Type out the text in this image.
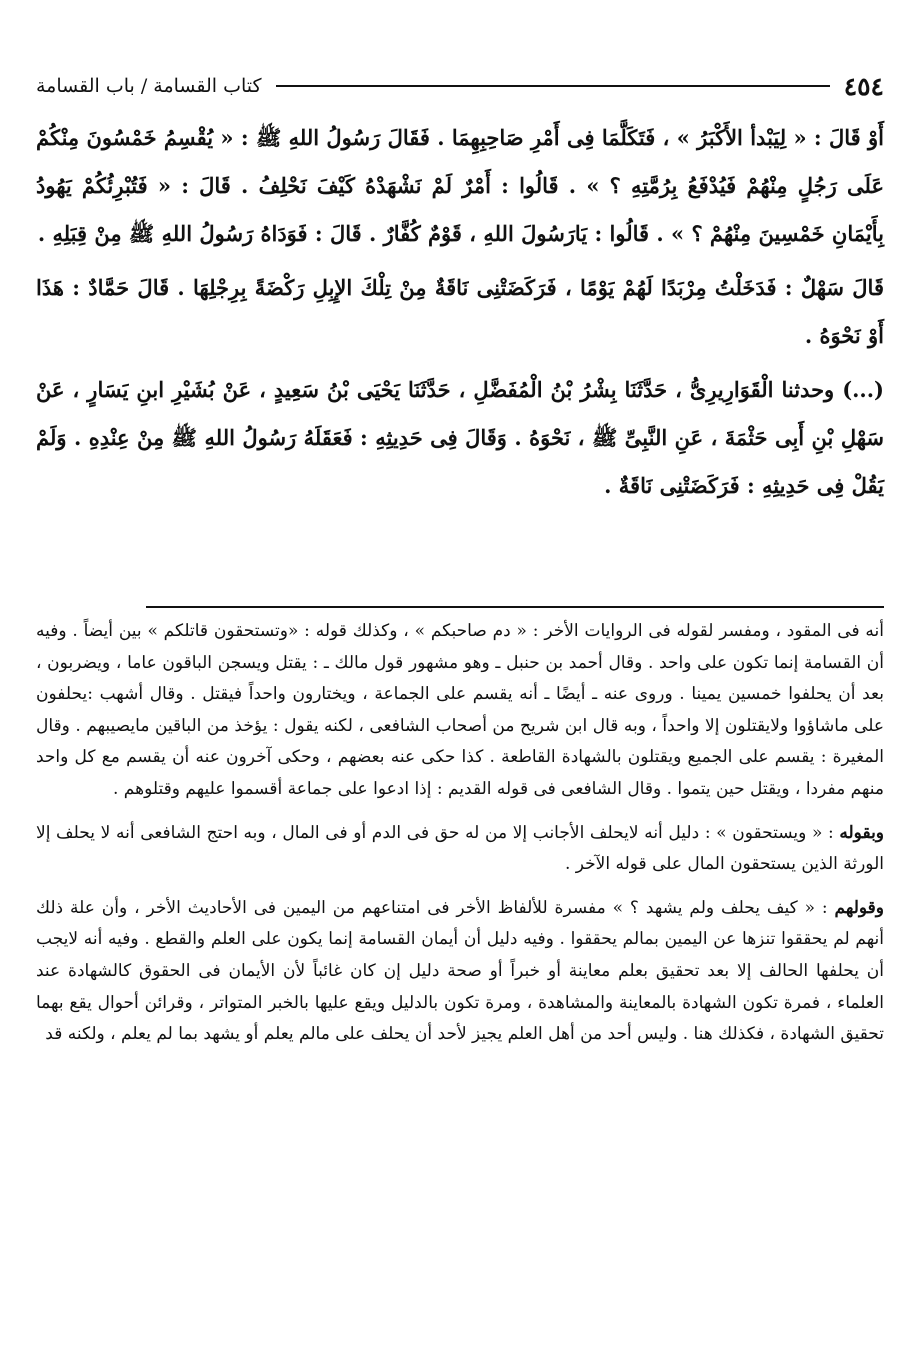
٤٥٤
كتاب القسامة / باب القسامة

أَوْ قَالَ : « لِيَبْدأ الأَكْبَرُ » ، فَتَكَلَّمَا فِى أَمْرِ صَاحِبِهِمَا . فَقَالَ رَسُولُ اللهِ ﷺ : « يُقْسِمُ خَمْسُونَ مِنْكُمْ عَلَى رَجُلٍ مِنْهُمْ فَيُدْفَعُ بِرُمَّتِهِ ؟ » . قَالُوا : أَمْرٌ لَمْ نَشْهَدْهُ كَيْفَ نَحْلِفُ . قَالَ : « فَتُبْرِئُكُمْ يَهُودُ بِأَيْمَانِ خَمْسِينَ مِنْهُمْ ؟ » . قَالُوا : يَارَسُولَ اللهِ ، قَوْمٌ كُفَّارٌ . قَالَ : فَوَدَاهُ رَسُولُ اللهِ ﷺ مِنْ قِبَلِهِ .

قَالَ سَهْلٌ : فَدَخَلْتُ مِرْبَدًا لَهُمْ يَوْمًا ، فَرَكَضَتْنِى نَاقَةٌ مِنْ تِلْكَ الإِبِلِ رَكْضَةً بِرِجْلِهَا . قَالَ حَمَّادٌ : هَذَا أَوْ نَحْوَهُ .

(...) وحدثنا الْقَوَارِيرِىُّ ، حَدَّثَنَا بِشْرُ بْنُ الْمُفَضَّلِ ، حَدَّثَنَا يَحْيَى بْنُ سَعِيدٍ ، عَنْ بُشَيْرِ ابنِ يَسَارٍ ، عَنْ سَهْلِ بْنِ أَبِى حَثْمَةَ ، عَنِ النَّبِىِّ ﷺ ، نَحْوَهُ . وَقَالَ فِى حَدِيثِهِ : فَعَقَلَهُ رَسُولُ اللهِ ﷺ مِنْ عِنْدِهِ . وَلَمْ يَقُلْ فِى حَدِيثِهِ : فَرَكَضَتْنِى نَاقَةٌ .

أنه فى المقود ، ومفسر لقوله فى الروايات الأخر : « دم صاحبكم » ، وكذلك قوله : «وتستحقون قاتلكم » بين أيضاً . وفيه أن القسامة إنما تكون على واحد . وقال أحمد بن حنبل ـ وهو مشهور قول مالك ـ : يقتل ويسجن الباقون عاما ، ويضربون ، بعد أن يحلفوا خمسين يمينا . وروى عنه ـ أيضًا ـ أنه يقسم على الجماعة ، ويختارون واحداً فيقتل . وقال أشهب :يحلفون على ماشاؤوا ولايقتلون إلا واحداً ، وبه قال ابن شريح من أصحاب الشافعى ، لكنه يقول : يؤخذ من الباقين مايصيبهم . وقال المغيرة : يقسم على الجميع ويقتلون بالشهادة القاطعة . كذا حكى عنه بعضهم ، وحكى آخرون عنه أن يقسم مع كل واحد منهم مفردا ، ويقتل حين يتموا . وقال الشافعى فى قوله القديم : إذا ادعوا على جماعة أقسموا عليهم وقتلوهم .

وبقوله : « ويستحقون » : دليل أنه لايحلف الأجانب إلا من له حق فى الدم أو فى المال ، وبه احتج الشافعى أنه لا يحلف إلا الورثة الذين يستحقون المال على قوله الآخر .

وقولهم : « كيف يحلف ولم يشهد ؟ » مفسرة للألفاظ الأخر فى امتناعهم من اليمين فى الأحاديث الأخر ، وأن علة ذلك أنهم لم يحققوا تنزها عن اليمين بمالم يحققوا . وفيه دليل أن أيمان القسامة إنما يكون على العلم والقطع . وفيه أنه لايجب أن يحلفها الحالف إلا بعد تحقيق بعلم معاينة أو خبراً أو صحة دليل إن كان غائباً لأن الأيمان فى الحقوق كالشهادة عند العلماء ، فمرة تكون الشهادة بالمعاينة والمشاهدة ، ومرة تكون بالدليل ويقع عليها بالخبر المتواتر ، وقرائن أحوال يقع بهما تحقيق الشهادة ، فكذلك هنا . وليس أحد من أهل العلم يجيز لأحد أن يحلف على مالم يعلم أو يشهد بما لم يعلم ، ولكنه قد
